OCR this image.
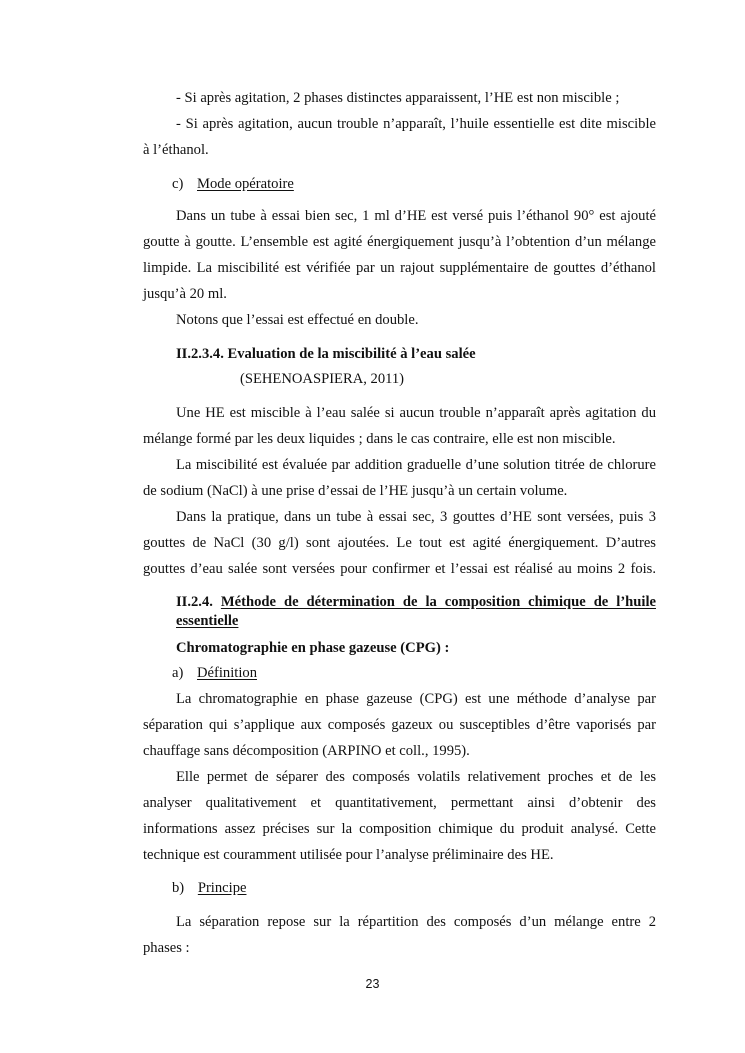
- Si après agitation, 2 phases distinctes apparaissent, l’HE est non miscible ;
- Si après agitation, aucun trouble n’apparaît, l’huile essentielle est dite miscible
à l’éthanol.
c) Mode opératoire
Dans un tube à essai bien sec, 1 ml d’HE est versé puis l’éthanol 90° est ajouté
goutte à goutte. L’ensemble est agité énergiquement jusqu’à l’obtention d’un mélange
limpide. La miscibilité est vérifiée par un rajout supplémentaire de gouttes d’éthanol
jusqu’à 20 ml.
Notons que l’essai est effectué en double.
II.2.3.4. Evaluation de la miscibilité à l’eau salée
(SEHENOASPIERA, 2011)
Une HE est miscible à l’eau salée si aucun trouble n’apparaît après agitation du
mélange formé par les deux liquides ; dans le cas contraire, elle est non miscible.
La miscibilité est évaluée par addition graduelle d’une solution titrée de chlorure
de sodium (NaCl) à une prise d’essai de l’HE jusqu’à un certain volume.
Dans la pratique, dans un tube à essai sec, 3 gouttes d’HE sont versées, puis 3
gouttes de NaCl (30 g/l) sont ajoutées. Le tout est agité énergiquement. D’autres
gouttes d’eau salée sont versées pour confirmer et l’essai est réalisé au moins 2 fois.
II.2.4. Méthode de détermination de la composition chimique de l’huile
essentielle
Chromatographie en phase gazeuse (CPG) :
a) Définition
La chromatographie en phase gazeuse (CPG) est une méthode d’analyse par
séparation qui s’applique aux composés gazeux ou susceptibles d’être vaporisés par
chauffage sans décomposition (ARPINO et coll., 1995).
Elle permet de séparer des composés volatils relativement proches et de les
analyser qualitativement et quantitativement, permettant ainsi d’obtenir des
informations assez précises sur la composition chimique du produit analysé. Cette
technique est couramment utilisée pour l’analyse préliminaire des HE.
b) Principe
La séparation repose sur la répartition des composés d’un mélange entre 2
phases :
23
